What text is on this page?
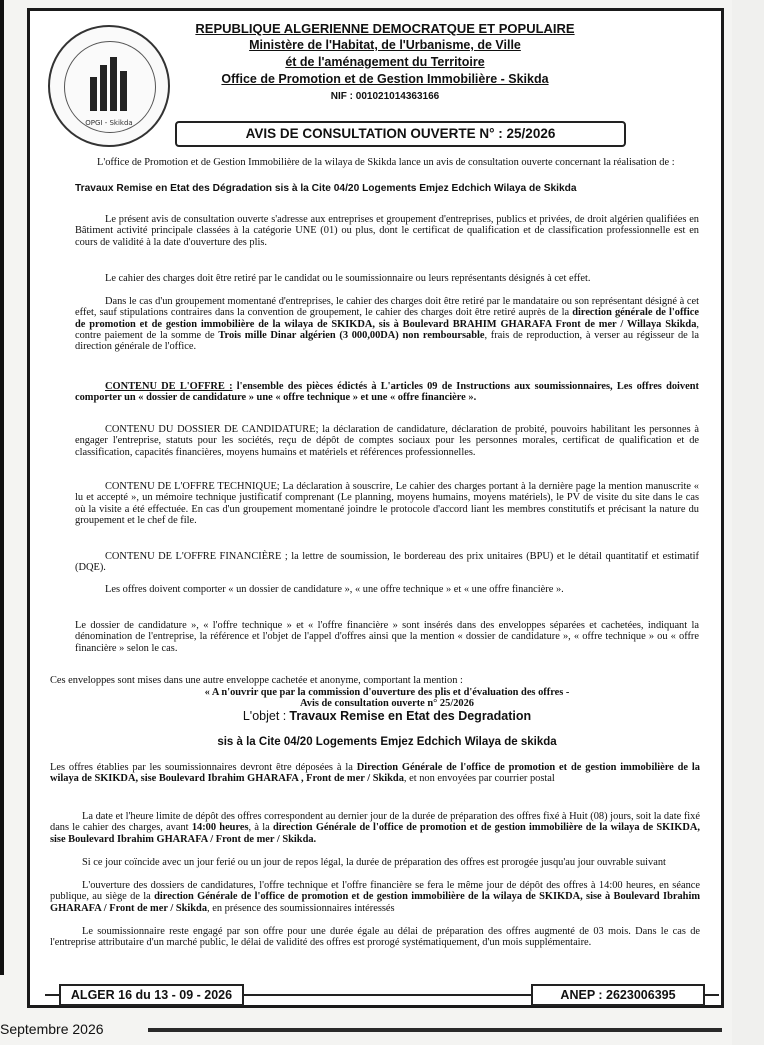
OPGI - Skikda
REPUBLIQUE ALGERIENNE DEMOCRATQUE ET POPULAIRE
Ministère de l'Habitat, de l'Urbanisme, de Ville
ét de l'aménagement du Territoire
Office de Promotion et de Gestion Immobilière - Skikda
NIF : 001021014363166
AVIS DE CONSULTATION OUVERTE N° : 25/2026
L'office de Promotion et de Gestion Immobilière de la wilaya de Skikda lance un avis de consultation ouverte concernant la réalisation de :
Travaux Remise en Etat des Dégradation sis à la Cite 04/20 Logements Emjez Edchich Wilaya de Skikda
Le présent avis de consultation ouverte s'adresse aux entreprises et groupement d'entreprises, publics et privées, de droit algérien qualifiées en Bâtiment activité principale classées à la catégorie UNE (01) ou plus, dont le certificat de qualification et de classification professionnelle est en cours de validité à la date d'ouverture des plis.
Le cahier des charges doit être retiré par le candidat ou le soumissionnaire ou leurs représentants désignés à cet effet.
Dans le cas d'un groupement momentané d'entreprises, le cahier des charges doit être retiré par le mandataire ou son représentant désigné à cet effet, sauf stipulations contraires dans la convention de groupement, le cahier des charges doit être retiré auprès de la direction générale de l'office de promotion et de gestion immobilière de la wilaya de SKIKDA, sis à Boulevard BRAHIM GHARAFA Front de mer / Willaya Skikda, contre paiement de la somme de Trois mille Dinar algérien (3 000,00DA) non remboursable, frais de reproduction, à verser au régisseur de la direction générale de l'office.
CONTENU DE L'OFFRE : l'ensemble des pièces édictés à L'articles 09 de Instructions aux soumissionnaires, Les offres doivent comporter un « dossier de candidature » une « offre technique » et une « offre financière ».
CONTENU DU DOSSIER DE CANDIDATURE; la déclaration de candidature, déclaration de probité, pouvoirs habilitant les personnes à engager l'entreprise, statuts pour les sociétés, reçu de dépôt de comptes sociaux pour les personnes morales, certificat de qualification et de classification, capacités financières, moyens humains et matériels et références professionnelles.
CONTENU DE L'OFFRE TECHNIQUE; La déclaration à souscrire, Le cahier des charges portant à la dernière page la mention manuscrite « lu et accepté », un mémoire technique justificatif comprenant (Le planning, moyens humains, moyens matériels), le PV de visite du site dans le cas où la visite a été effectuée. En cas d'un groupement momentané joindre le protocole d'accord liant les membres constitutifs et précisant la nature du groupement et le chef de file.
CONTENU DE L'OFFRE FINANCIÈRE ; la lettre de soumission, le bordereau des prix unitaires (BPU) et le détail quantitatif et estimatif (DQE).
Les offres doivent comporter « un dossier de candidature », « une offre technique » et « une offre financière ».
Le dossier de candidature », « l'offre technique » et « l'offre financière » sont insérés dans des enveloppes séparées et cachetées, indiquant la dénomination de l'entreprise, la référence et l'objet de l'appel d'offres ainsi que la mention « dossier de candidature », « offre technique » ou « offre financière » selon le cas.
Ces enveloppes sont mises dans une autre enveloppe cachetée et anonyme, comportant la mention :
« A n'ouvrir que par la commission d'ouverture des plis et d'évaluation des offres -
Avis de consultation ouverte n° 25/2026
L'objet : Travaux Remise en Etat des Degradation
sis à la Cite 04/20 Logements Emjez Edchich Wilaya de skikda
Les offres établies par les soumissionnaires devront être déposées à la Direction Générale de l'office de promotion et de gestion immobilière de la wilaya de SKIKDA, sise Boulevard Ibrahim GHARAFA , Front de mer / Skikda, et non envoyées par courrier postal
La date et l'heure limite de dépôt des offres correspondent au dernier jour de la durée de préparation des offres fixé à Huit (08) jours, soit la date fixé dans le cahier des charges, avant 14:00 heures, à la direction Générale de l'office de promotion et de gestion immobilière de la wilaya de SKIKDA, sise Boulevard Ibrahim GHARAFA / Front de mer / Skikda.
Si ce jour coïncide avec un jour ferié ou un jour de repos légal, la durée de préparation des offres est prorogée jusqu'au jour ouvrable suivant
L'ouverture des dossiers de candidatures, l'offre technique et l'offre financière se fera le même jour de dépôt des offres à 14:00 heures, en séance publique, au siège de la direction Générale de l'office de promotion et de gestion immobilière de la wilaya de SKIKDA, sise à Boulevard Ibrahim GHARAFA / Front de mer / Skikda, en présence des soumissionnaires intéressés
Le soumissionnaire reste engagé par son offre pour une durée égale au délai de préparation des offres augmenté de 03 mois. Dans le cas de l'entreprise attributaire d'un marché public, le délai de validité des offres est prorogé systématiquement, d'un mois supplémentaire.
ALGER 16 du 13 - 09 - 2026	ANEP : 2623006395
Septembre 2026
